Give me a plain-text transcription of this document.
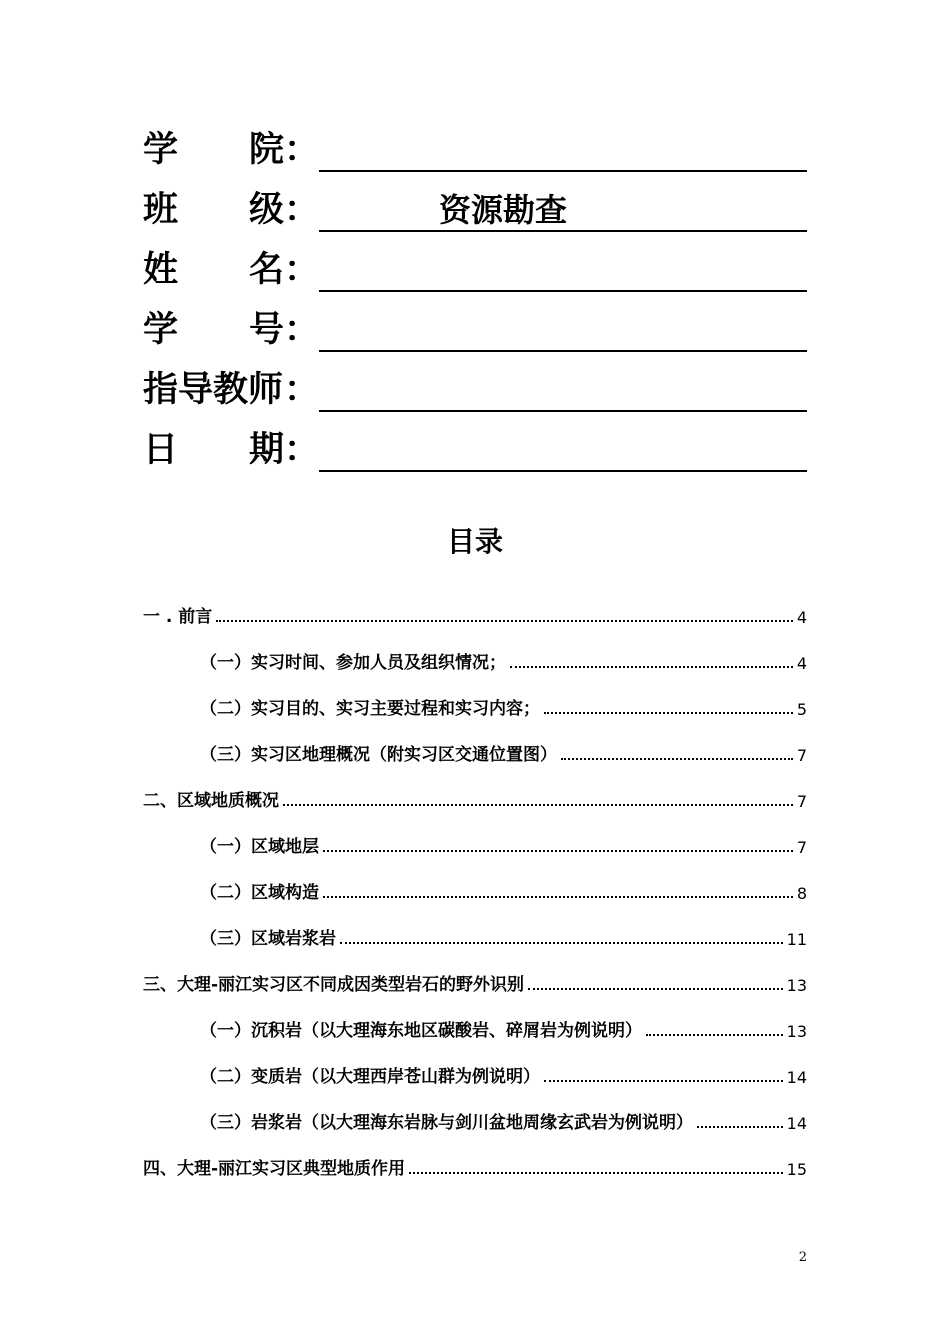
学 院 ：
班 级 ：	资源勘查
姓 名 ：
学 号 ：
指导教师 ：
日 期 ：
目录
一 . 前言	4
（一）实习时间、参加人员及组织情况；	4
（二）实习目的、实习主要过程和实习内容；	5
（三）实习区地理概况（附实习区交通位置图）	7
二、区域地质概况	7
（一）区域地层	7
（二）区域构造	8
（三）区域岩浆岩	11
三、大理-丽江实习区不同成因类型岩石的野外识别	13
（一）沉积岩（以大理海东地区碳酸岩、碎屑岩为例说明）	13
（二）变质岩（以大理西岸苍山群为例说明）	14
（三）岩浆岩（以大理海东岩脉与剑川盆地周缘玄武岩为例说明）	14
四、大理-丽江实习区典型地质作用	15
2
